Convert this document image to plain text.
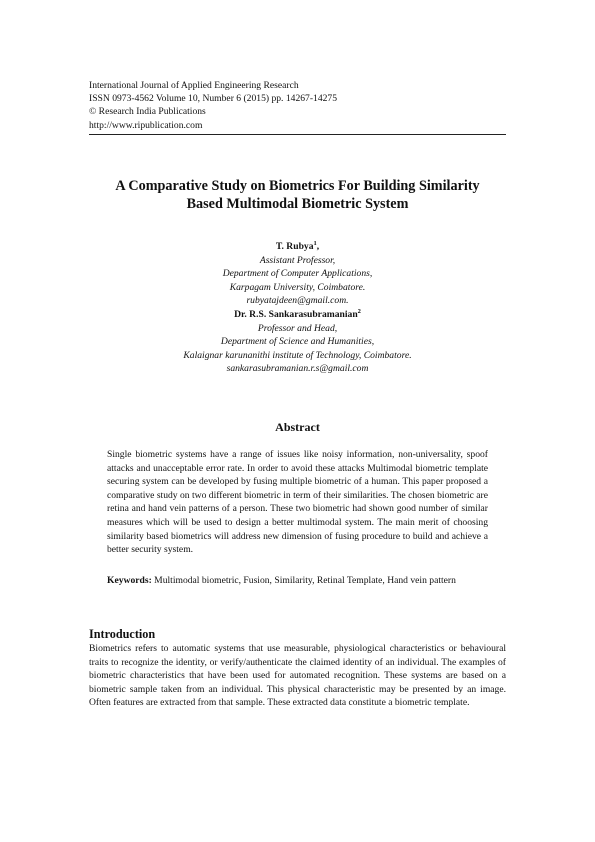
International Journal of Applied Engineering Research
ISSN 0973-4562 Volume 10, Number 6 (2015) pp. 14267-14275
© Research India Publications
http://www.ripublication.com
A Comparative Study on Biometrics For Building Similarity
Based Multimodal Biometric System
T. Rubya$^1$,
Assistant Professor,
Department of Computer Applications,
Karpagam University, Coimbatore.
rubyatajdeen@gmail.com.
Dr. R.S. Sankarasubramanian$^2$
Professor and Head,
Department of Science and Humanities,
Kalaignar karunanithi institute of Technology, Coimbatore.
sankarasubramanian.r.s@gmail.com
Abstract
Single biometric systems have a range of issues like noisy information, non-universality, spoof attacks and unacceptable error rate. In order to avoid these attacks Multimodal biometric template securing system can be developed by fusing multiple biometric of a human. This paper proposed a comparative study on two different biometric in term of their similarities. The chosen biometric are retina and hand vein patterns of a person. These two biometric had shown good number of similar measures which will be used to design a better multimodal system. The main merit of choosing similarity based biometrics will address new dimension of fusing procedure to build and achieve a better security system.
Keywords: Multimodal biometric, Fusion, Similarity, Retinal Template, Hand vein pattern
Introduction
Biometrics refers to automatic systems that use measurable, physiological characteristics or behavioural traits to recognize the identity, or verify/authenticate the claimed identity of an individual. The examples of biometric characteristics that have been used for automated recognition. These systems are based on a biometric sample taken from an individual. This physical characteristic may be presented by an image. Often features are extracted from that sample. These extracted data constitute a biometric template.
